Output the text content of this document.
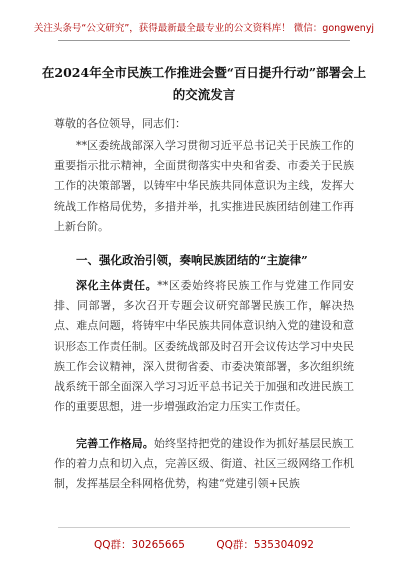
关注头条号“公文研究”，获得最新最全最专业的公文资料库！ 微信：gongwenyj
在2024年全市民族工作推进会暨“百日提升行动”部署会上的交流发言
尊敬的各位领导，同志们：
**区委统战部深入学习贯彻习近平总书记关于民族工作的重要指示批示精神，全面贯彻落实中央和省委、市委关于民族工作的决策部署，以铸牢中华民族共同体意识为主线，发挥大统战工作格局优势，多措并举，扎实推进民族团结创建工作再上新台阶。
一、强化政治引领，奏响民族团结的“主旋律”
深化主体责任。**区委始终将民族工作与党建工作同安排、同部署，多次召开专题会议研究部署民族工作，解决热点、难点问题，将铸牢中华民族共同体意识纳入党的建设和意识形态工作责任制。区委统战部及时召开会议传达学习中央民族工作会议精神，深入贯彻省委、市委决策部署，多次组织统战系统干部全面深入学习习近平总书记关于加强和改进民族工作的重要思想，进一步增强政治定力压实工作责任。
完善工作格局。始终坚持把党的建设作为抓好基层民族工作的着力点和切入点，完善区级、街道、社区三级网络工作机制，发挥基层全科网格优势，构建“党建引领+民族
QQ群：30265665	QQ群：535304092
